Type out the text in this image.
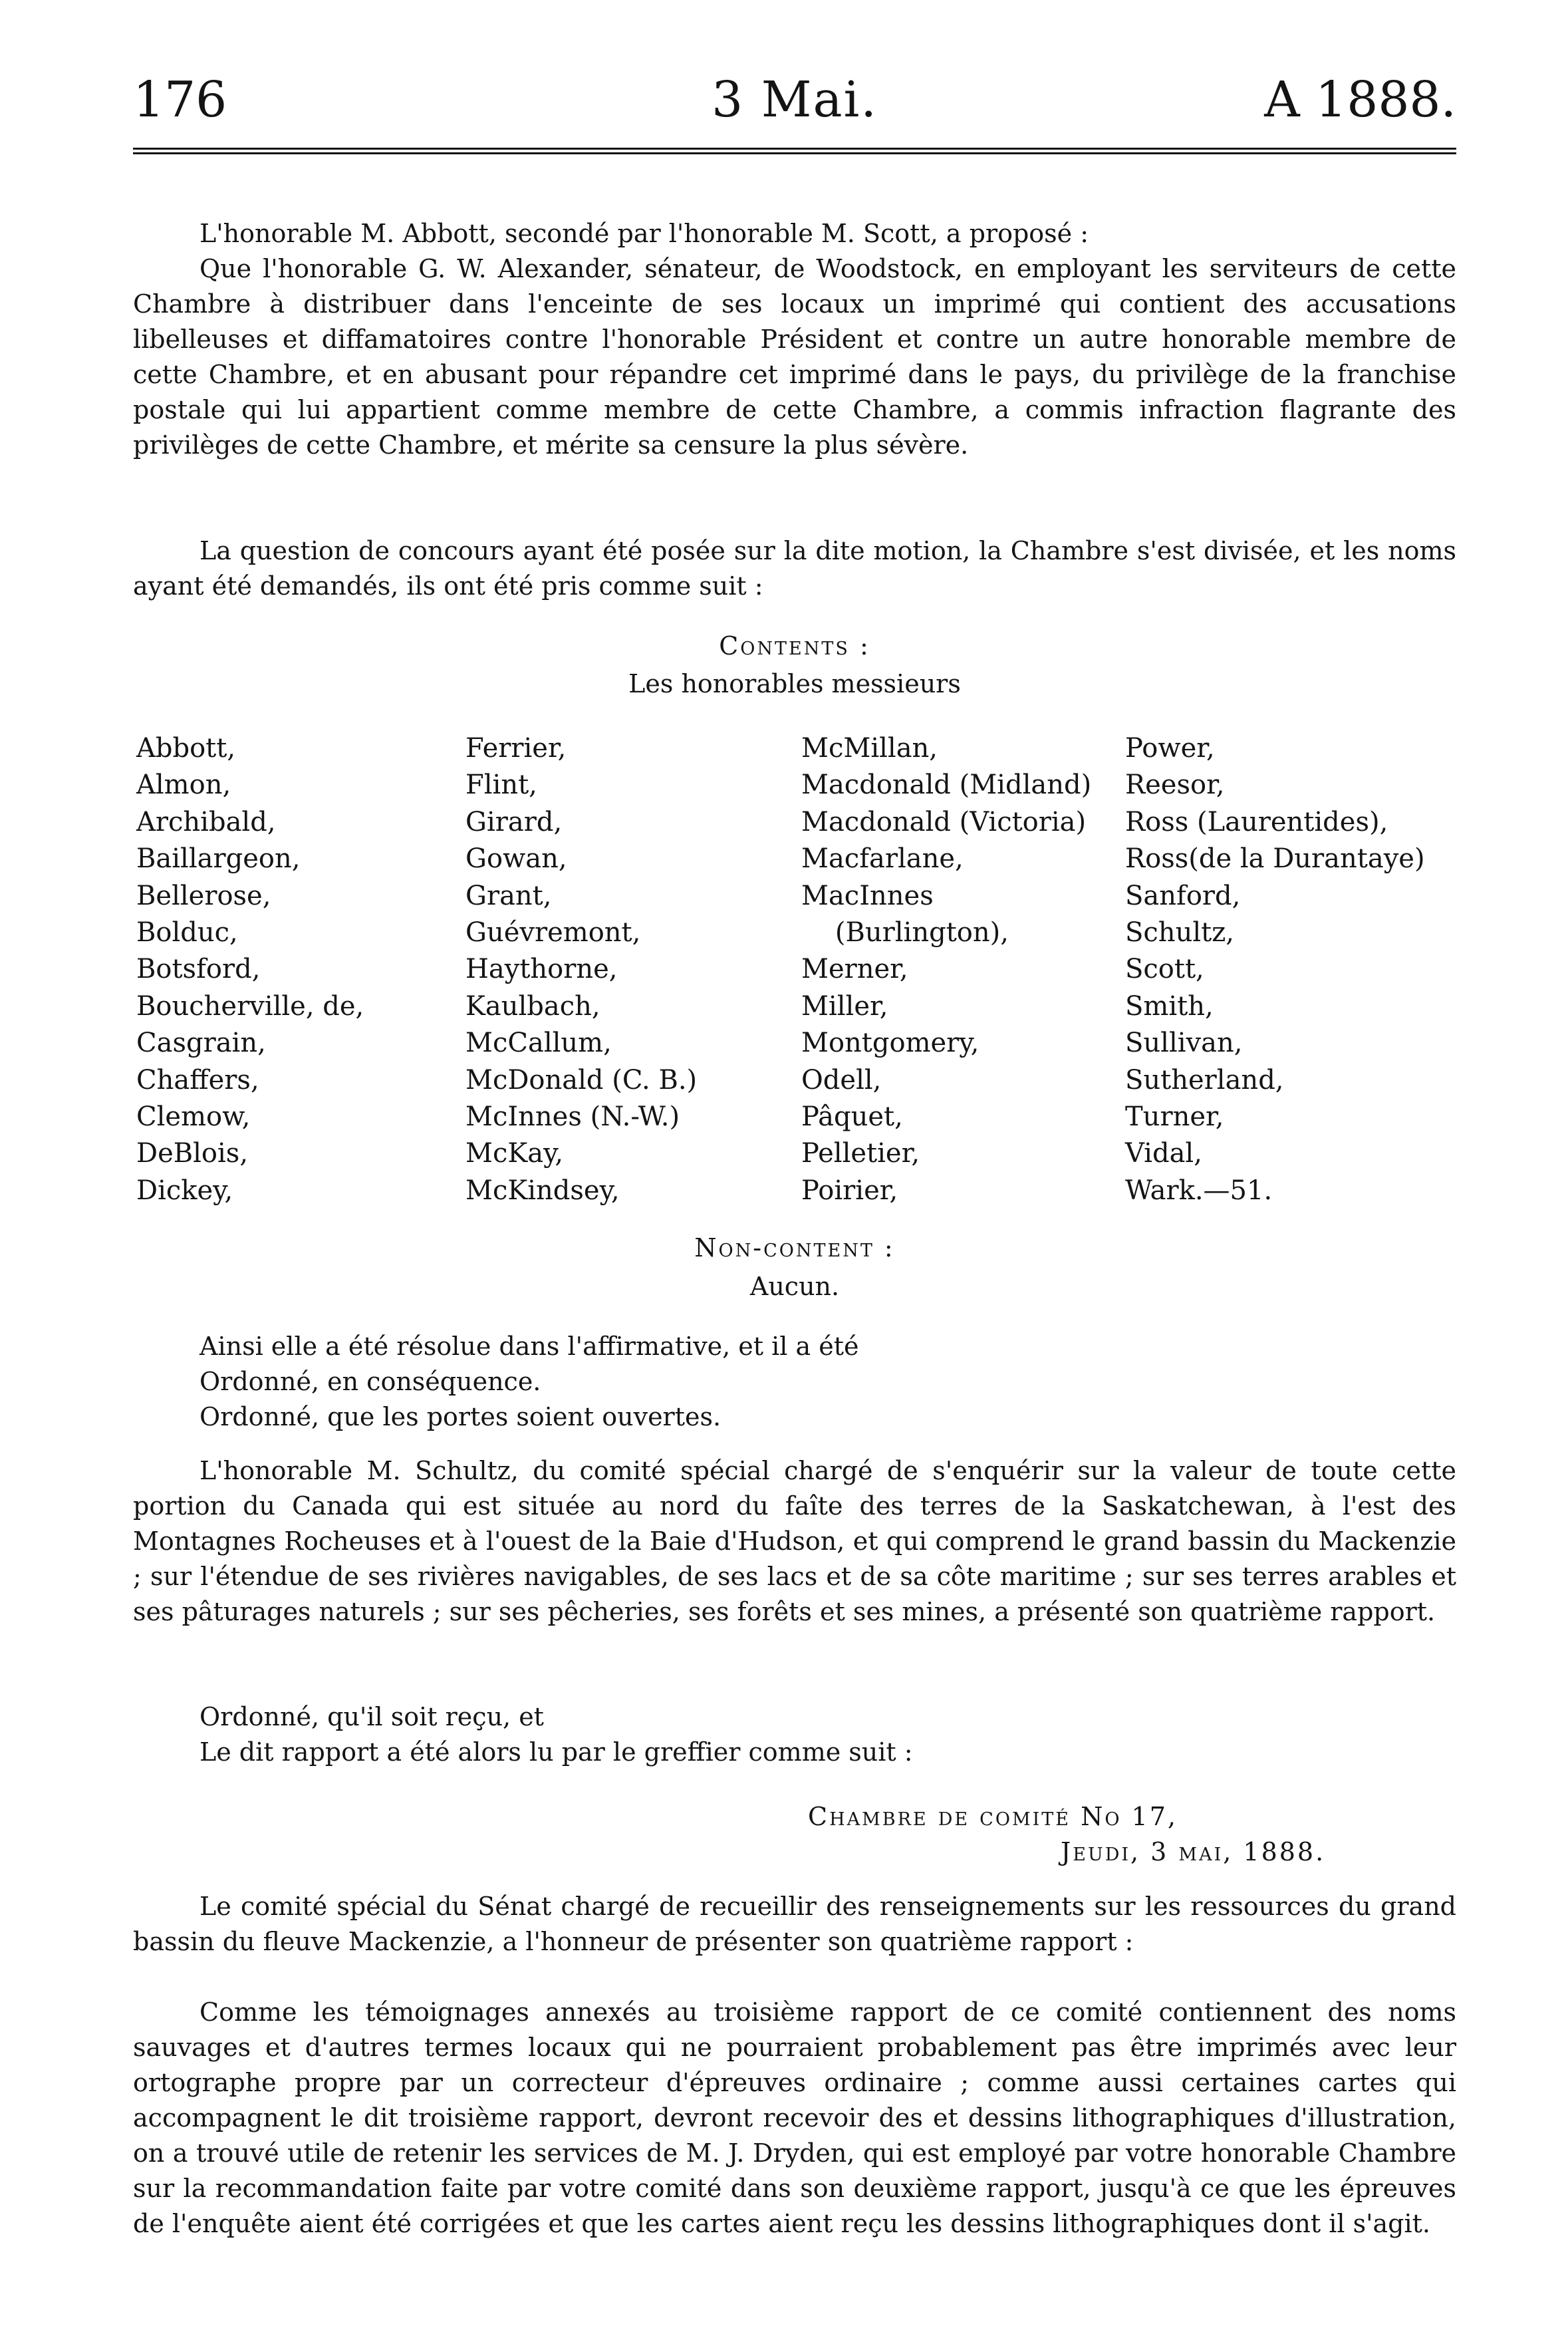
176	3 Mai.	A 1888.

L'honorable M. Abbott, secondé par l'honorable M. Scott, a proposé :

Que l'honorable G. W. Alexander, sénateur, de Woodstock, en employant les serviteurs de cette Chambre à distribuer dans l'enceinte de ses locaux un imprimé qui contient des accusations libelleuses et diffamatoires contre l'honorable Président et contre un autre honorable membre de cette Chambre, et en abusant pour répandre cet imprimé dans le pays, du privilège de la franchise postale qui lui appartient comme membre de cette Chambre, a commis infraction flagrante des privilèges de cette Chambre, et mérite sa censure la plus sévère.

La question de concours ayant été posée sur la dite motion, la Chambre s'est divisée, et les noms ayant été demandés, ils ont été pris comme suit :

Contents :

Les honorables messieurs

Abbott,
Almon,
Archibald,
Baillargeon,
Bellerose,
Bolduc,
Botsford,
Boucherville, de,
Casgrain,
Chaffers,
Clemow,
DeBlois,
Dickey,
Ferrier,
Flint,
Girard,
Gowan,
Grant,
Guévremont,
Haythorne,
Kaulbach,
McCallum,
McDonald (C. B.)
McInnes (N.-W.)
McKay,
McKindsey,
McMillan,
Macdonald (Midland)
Macdonald (Victoria)
Macfarlane,
MacInnes
(Burlington),
Merner,
Miller,
Montgomery,
Odell,
Pâquet,
Pelletier,
Poirier,
Power,
Reesor,
Ross (Laurentides),
Ross(de la Durantaye)
Sanford,
Schultz,
Scott,
Smith,
Sullivan,
Sutherland,
Turner,
Vidal,
Wark.—51.

Non-content :

Aucun.

Ainsi elle a été résolue dans l'affirmative, et il a été

Ordonné, en conséquence.

Ordonné, que les portes soient ouvertes.

L'honorable M. Schultz, du comité spécial chargé de s'enquérir sur la valeur de toute cette portion du Canada qui est située au nord du faîte des terres de la Saskatchewan, à l'est des Montagnes Rocheuses et à l'ouest de la Baie d'Hudson, et qui comprend le grand bassin du Mackenzie ; sur l'étendue de ses rivières navigables, de ses lacs et de sa côte maritime ; sur ses terres arables et ses pâturages naturels ; sur ses pêcheries, ses forêts et ses mines, a présenté son quatrième rapport.

Ordonné, qu'il soit reçu, et

Le dit rapport a été alors lu par le greffier comme suit :

Chambre de comité No 17,

Jeudi, 3 mai, 1888.

Le comité spécial du Sénat chargé de recueillir des renseignements sur les ressources du grand bassin du fleuve Mackenzie, a l'honneur de présenter son quatrième rapport :

Comme les témoignages annexés au troisième rapport de ce comité contiennent des noms sauvages et d'autres termes locaux qui ne pourraient probablement pas être imprimés avec leur ortographe propre par un correcteur d'épreuves ordinaire ; comme aussi certaines cartes qui accompagnent le dit troisième rapport, devront recevoir des et dessins lithographiques d'illustration, on a trouvé utile de retenir les services de M. J. Dryden, qui est employé par votre honorable Chambre sur la recommandation faite par votre comité dans son deuxième rapport, jusqu'à ce que les épreuves de l'enquête aient été corrigées et que les cartes aient reçu les dessins lithographiques dont il s'agit.
